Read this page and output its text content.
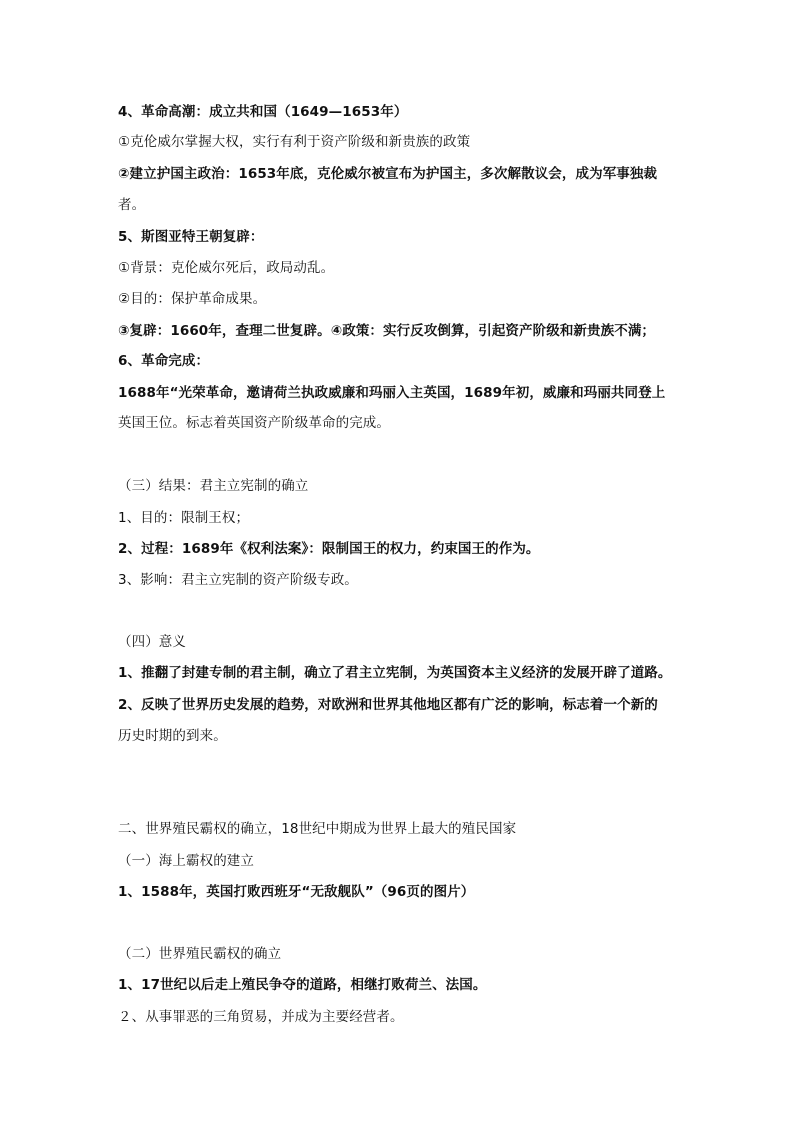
4、革命高潮：成立共和国（1649—1653年）
①克伦威尔掌握大权，实行有利于资产阶级和新贵族的政策
②建立护国主政治：1653年底，克伦威尔被宣布为护国主，多次解散议会，成为军事独裁
者。
5、斯图亚特王朝复辟：
①背景：克伦威尔死后，政局动乱。
②目的：保护革命成果。
③复辟：1660年，查理二世复辟。④政策：实行反攻倒算，引起资产阶级和新贵族不满；
6、革命完成：
1688年“光荣革命，邀请荷兰执政威廉和玛丽入主英国，1689年初，威廉和玛丽共同登上
英国王位。标志着英国资产阶级革命的完成。
（三）结果：君主立宪制的确立
1、目的：限制王权；
2、过程：1689年《权利法案》：限制国王的权力，约束国王的作为。
3、影响：君主立宪制的资产阶级专政。
（四）意义
1、推翻了封建专制的君主制，确立了君主立宪制，为英国资本主义经济的发展开辟了道路。
2、反映了世界历史发展的趋势，对欧洲和世界其他地区都有广泛的影响，标志着一个新的
历史时期的到来。
二、世界殖民霸权的确立，18世纪中期成为世界上最大的殖民国家
（一）海上霸权的建立
1、1588年，英国打败西班牙“无敌舰队”（96页的图片）
（二）世界殖民霸权的确立
1、17世纪以后走上殖民争夺的道路，相继打败荷兰、法国。
２、从事罪恶的三角贸易，并成为主要经营者。
